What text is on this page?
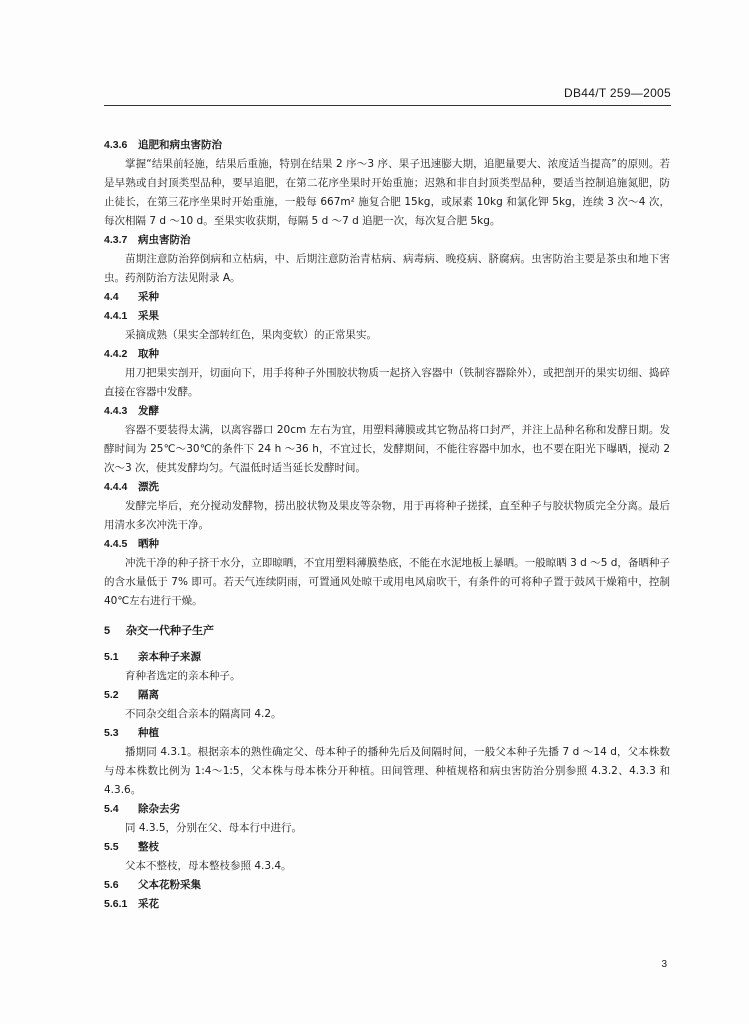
DB44/T 259—2005
4.3.6 追肥和病虫害防治

掌握“结果前轻施，结果后重施，特别在结果 2 序～3 序、果子迅速膨大期，追肥量要大、浓度适当提高”的原则。若是早熟或自封顶类型品种，要早追肥，在第二花序坐果时开始重施；迟熟和非自封顶类型品种，要适当控制追施氮肥，防止徒长，在第三花序坐果时开始重施，一般每 667m² 施复合肥 15kg，或尿素 10kg 和氯化钾 5kg，连续 3 次～4 次，每次相隔 7 d ～10 d。至果实收获期，每隔 5 d ～7 d 追肥一次，每次复合肥 5kg。

4.3.7 病虫害防治

苗期注意防治猝倒病和立枯病，中、后期注意防治青枯病、病毒病、晚疫病、脐腐病。虫害防治主要是茶虫和地下害虫。药剂防治方法见附录 A。

4.4 采种
4.4.1 采果

采摘成熟（果实全部转红色，果肉变软）的正常果实。

4.4.2 取种

用刀把果实剖开，切面向下，用手将种子外围胶状物质一起挤入容器中（铁制容器除外），或把剖开的果实切细、捣碎直接在容器中发酵。

4.4.3 发酵

容器不要装得太满，以离容器口 20cm 左右为宜，用塑料薄膜或其它物品将口封严，并注上品种名称和发酵日期。发酵时间为 25℃～30℃的条件下 24 h ～36 h，不宜过长，发酵期间，不能往容器中加水，也不要在阳光下曝晒，搅动 2 次～3 次，使其发酵均匀。气温低时适当延长发酵时间。

4.4.4 漂洗

发酵完毕后，充分搅动发酵物，捞出胶状物及果皮等杂物，用于再将种子搓揉，直至种子与胶状物质完全分离。最后用清水多次冲洗干净。

4.4.5 晒种

冲洗干净的种子挤干水分，立即晾晒，不宜用塑料薄膜垫底，不能在水泥地板上暴晒。一般晾晒 3 d ～5 d，备晒种子的含水量低于 7% 即可。若天气连续阴雨，可置通风处晾干或用电风扇吹干，有条件的可将种子置于鼓风干燥箱中，控制 40℃左右进行干燥。

5 杂交一代种子生产
5.1 亲本种子来源

育种者选定的亲本种子。

5.2 隔离

不同杂交组合亲本的隔离同 4.2。

5.3 种植

播期同 4.3.1。根据亲本的熟性确定父、母本种子的播种先后及间隔时间，一般父本种子先播 7 d ～14 d，父本株数与母本株数比例为 1:4～1:5，父本株与母本株分开种植。田间管理、种植规格和病虫害防治分别参照 4.3.2、4.3.3 和 4.3.6。

5.4 除杂去劣

同 4.3.5，分别在父、母本行中进行。

5.5 整枝

父本不整枝，母本整枝参照 4.3.4。

5.6 父本花粉采集
5.6.1 采花
3
